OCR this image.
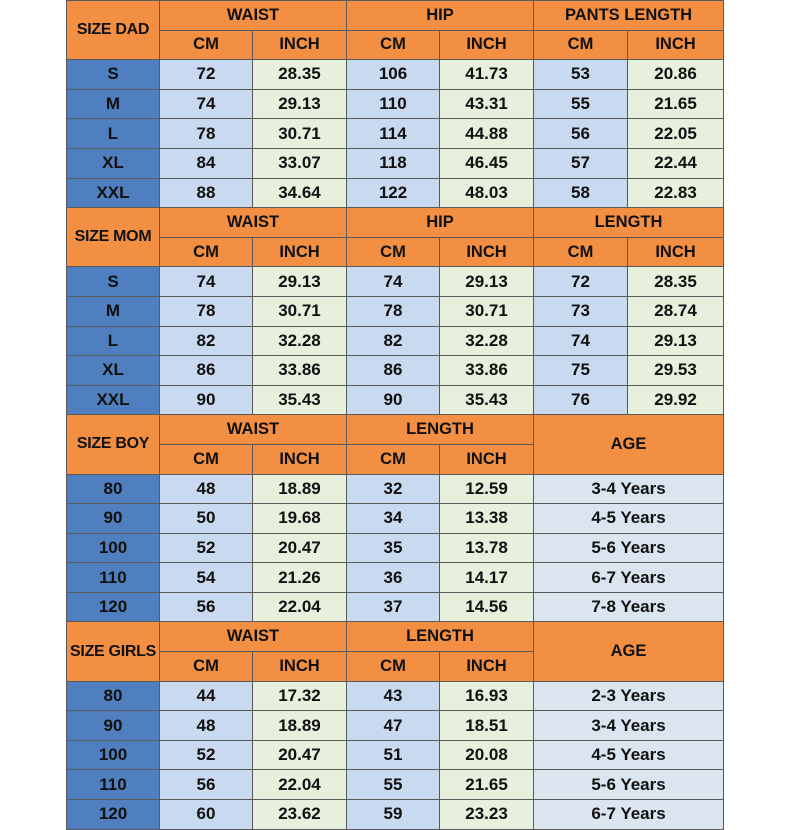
SIZE DAD	WAIST		HIP		PANTS LENGTH	
	CM	INCH	CM	INCH	CM	INCH
S	72	28.35	106	41.73	53	20.86
M	74	29.13	110	43.31	55	21.65
L	78	30.71	114	44.88	56	22.05
XL	84	33.07	118	46.45	57	22.44
XXL	88	34.64	122	48.03	58	22.83
SIZE MOM	WAIST		HIP		LENGTH	
	CM	INCH	CM	INCH	CM	INCH
S	74	29.13	74	29.13	72	28.35
M	78	30.71	78	30.71	73	28.74
L	82	32.28	82	32.28	74	29.13
XL	86	33.86	86	33.86	75	29.53
XXL	90	35.43	90	35.43	76	29.92
SIZE BOY	WAIST		LENGTH		AGE	
	CM	INCH	CM	INCH		
80	48	18.89	32	12.59	3-4 Years	
90	50	19.68	34	13.38	4-5 Years	
100	52	20.47	35	13.78	5-6 Years	
110	54	21.26	36	14.17	6-7 Years	
120	56	22.04	37	14.56	7-8 Years	
SIZE GIRLS	WAIST		LENGTH		AGE	
	CM	INCH	CM	INCH		
80	44	17.32	43	16.93	2-3 Years	
90	48	18.89	47	18.51	3-4 Years	
100	52	20.47	51	20.08	4-5 Years	
110	56	22.04	55	21.65	5-6 Years	
120	60	23.62	59	23.23	6-7 Years	
